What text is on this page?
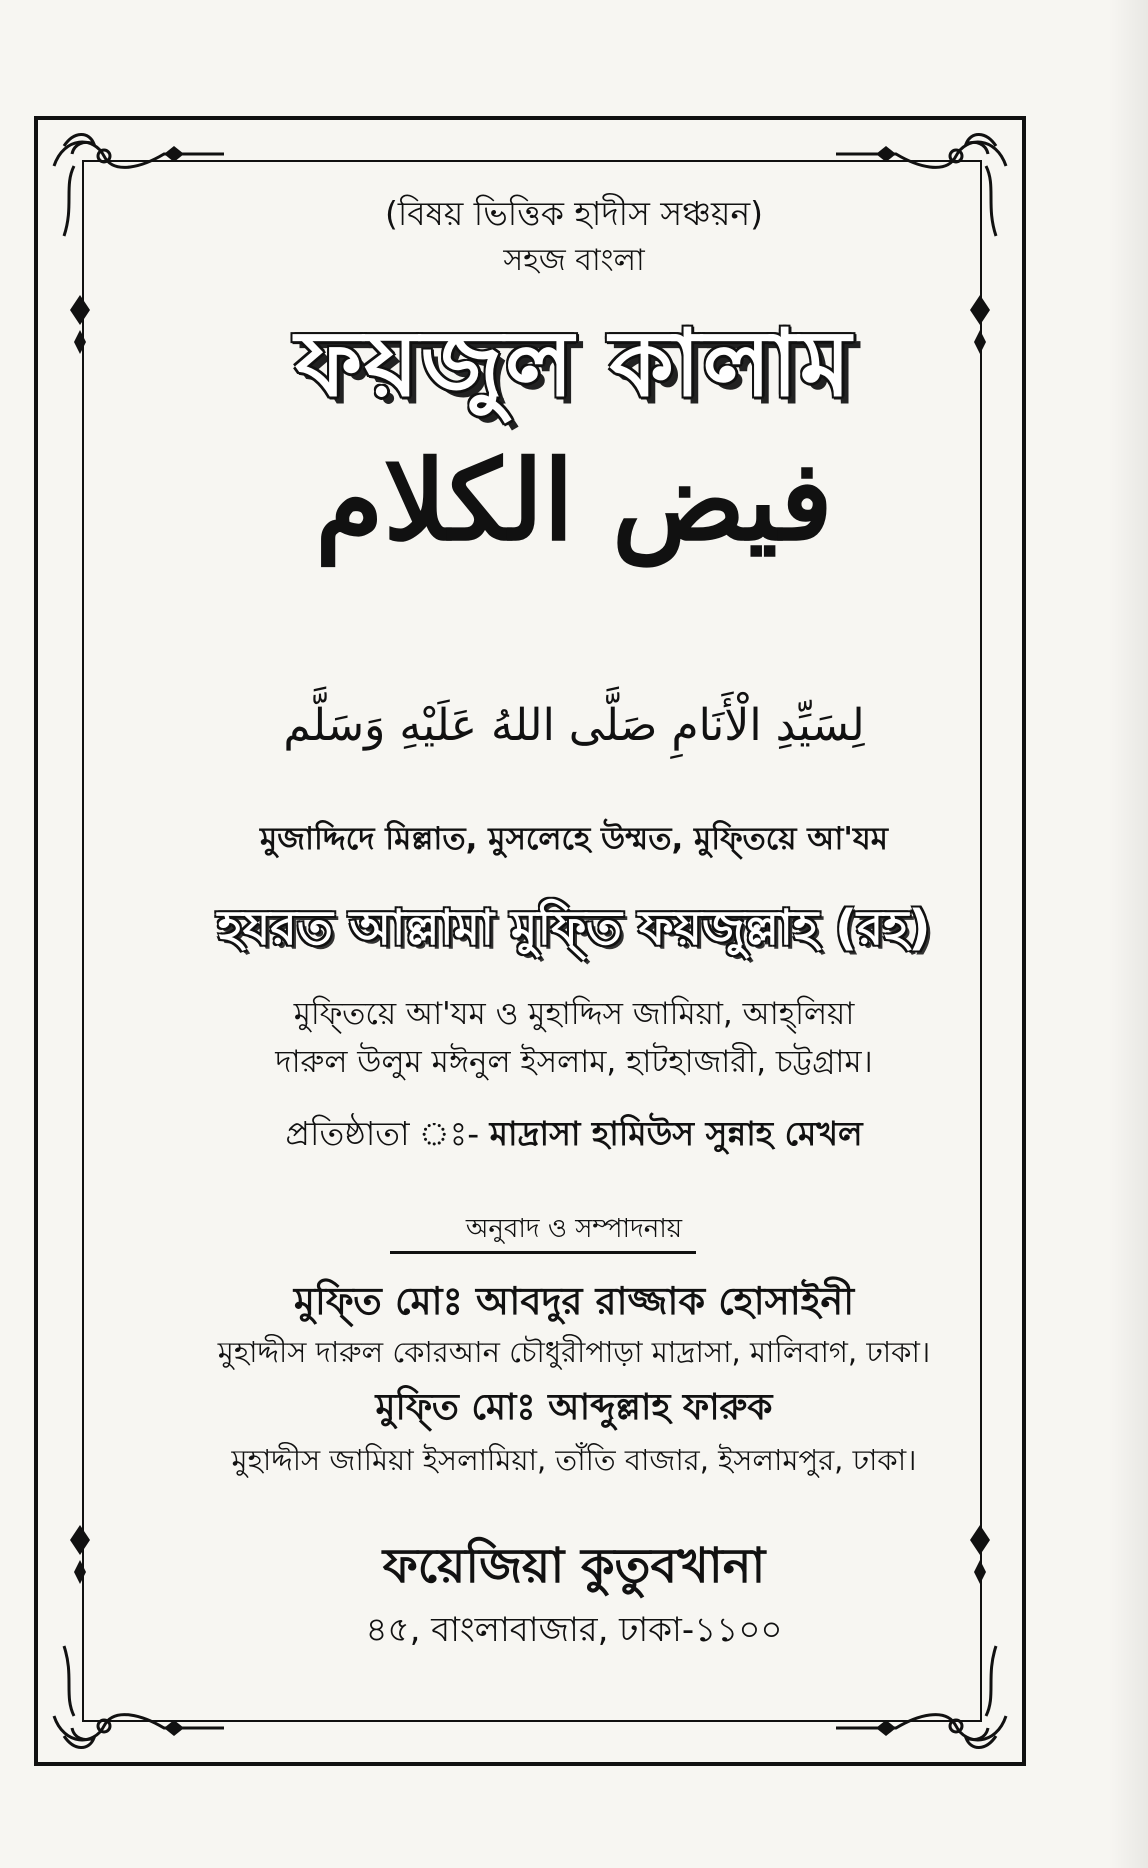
(বিষয় ভিত্তিক হাদীস সঞ্চয়ন)
সহজ বাংলা
ফয়জুল কালাম
فيض الكلام
لِسَيِّدِ الْأَنَامِ صَلَّى اللهُ عَلَيْهِ وَسَلَّم
মুজাদ্দিদে মিল্লাত, মুসলেহে উম্মত, মুফ্তিয়ে আ'যম
হযরত আল্লামা মুফ্তি ফয়জুল্লাহ (রহ)
মুফ্তিয়ে আ'যম ও মুহাদ্দিস জামিয়া, আহ্‌লিয়া
দারুল উলুম মঈনুল ইসলাম, হাটহাজারী, চট্টগ্রাম।
প্রতিষ্ঠাতা ঃ- মাদ্রাসা হামিউস সুন্নাহ মেখল
অনুবাদ ও সম্পাদনায়
মুফ্তি মোঃ আবদুর রাজ্জাক হোসাইনী
মুহাদ্দীস দারুল কোরআন চৌধুরীপাড়া মাদ্রাসা, মালিবাগ, ঢাকা।
মুফ্তি মোঃ আব্দুল্লাহ ফারুক
মুহাদ্দীস জামিয়া ইসলামিয়া, তাঁতি বাজার, ইসলামপুর, ঢাকা।
ফয়েজিয়া কুতুবখানা
৪৫, বাংলাবাজার, ঢাকা-১১০০
